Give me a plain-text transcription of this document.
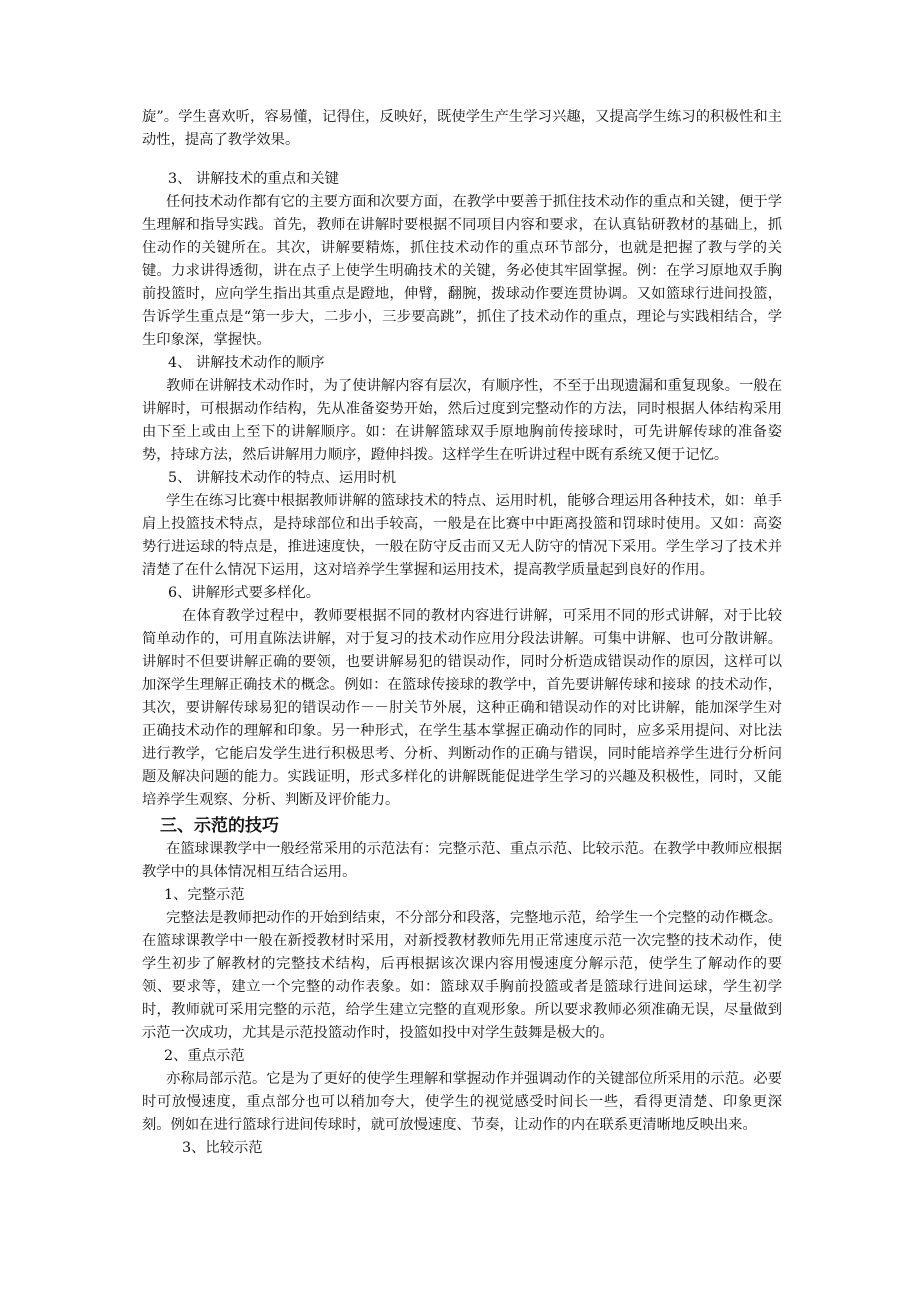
旋”。学生喜欢听，容易懂，记得住，反映好，既使学生产生学习兴趣，又提高学生练习的积极性和主动性，提高了教学效果。

3、 讲解技术的重点和关键

任何技术动作都有它的主要方面和次要方面，在教学中要善于抓住技术动作的重点和关键，便于学生理解和指导实践。首先，教师在讲解时要根据不同项目内容和要求，在认真钻研教材的基础上，抓住动作的关键所在。其次，讲解要精炼，抓住技术动作的重点环节部分，也就是把握了教与学的关键。力求讲得透彻，讲在点子上使学生明确技术的关键，务必使其牢固掌握。例：在学习原地双手胸前投篮时，应向学生指出其重点是蹬地，伸臂，翻腕，拨球动作要连贯协调。又如篮球行进间投篮，告诉学生重点是“第一步大，二步小，三步要高跳”，抓住了技术动作的重点，理论与实践相结合，学生印象深，掌握快。

4、 讲解技术动作的顺序

教师在讲解技术动作时，为了使讲解内容有层次，有顺序性，不至于出现遗漏和重复现象。一般在讲解时，可根据动作结构，先从准备姿势开始，然后过度到完整动作的方法，同时根据人体结构采用由下至上或由上至下的讲解顺序。如：在讲解篮球双手原地胸前传接球时，可先讲解传球的准备姿势，持球方法，然后讲解用力顺序，蹬伸抖拨。这样学生在听讲过程中既有系统又便于记忆。

5、 讲解技术动作的特点、运用时机

学生在练习比赛中根据教师讲解的篮球技术的特点、运用时机，能够合理运用各种技术，如：单手肩上投篮技术特点，是持球部位和出手较高，一般是在比赛中中距离投篮和罚球时使用。又如：高姿势行进运球的特点是，推进速度快，一般在防守反击而又无人防守的情况下采用。学生学习了技术并清楚了在什么情况下运用，这对培养学生掌握和运用技术，提高教学质量起到良好的作用。

6、讲解形式要多样化。

在体育教学过程中，教师要根据不同的教材内容进行讲解，可采用不同的形式讲解，对于比较简单动作的，可用直陈法讲解，对于复习的技术动作应用分段法讲解。可集中讲解、也可分散讲解。讲解时不但要讲解正确的要领，也要讲解易犯的错误动作，同时分析造成错误动作的原因，这样可以加深学生理解正确技术的概念。例如：在篮球传接球的教学中，首先要讲解传球和接球 的技术动作，其次，要讲解传球易犯的错误动作－－肘关节外展，这种正确和错误动作的对比讲解，能加深学生对正确技术动作的理解和印象。另一种形式，在学生基本掌握正确动作的同时，应多采用提问、对比法进行教学，它能启发学生进行积极思考、分析、判断动作的正确与错误，同时能培养学生进行分析问题及解决问题的能力。实践证明，形式多样化的讲解既能促进学生学习的兴趣及积极性，同时，又能培养学生观察、分析、判断及评价能力。

三、示范的技巧

在篮球课教学中一般经常采用的示范法有：完整示范、重点示范、比较示范。在教学中教师应根据教学中的具体情况相互结合运用。

1、完整示范

完整法是教师把动作的开始到结束，不分部分和段落，完整地示范，给学生一个完整的动作概念。在篮球课教学中一般在新授教材时采用，对新授教材教师先用正常速度示范一次完整的技术动作，使学生初步了解教材的完整技术结构，后再根据该次课内容用慢速度分解示范，使学生了解动作的要领、要求等，建立一个完整的动作表象。如：篮球双手胸前投篮或者是篮球行进间运球，学生初学时，教师就可采用完整的示范，给学生建立完整的直观形象。所以要求教师必须准确无误，尽量做到示范一次成功，尤其是示范投篮动作时，投篮如投中对学生鼓舞是极大的。

2、重点示范

亦称局部示范。它是为了更好的使学生理解和掌握动作并强调动作的关键部位所采用的示范。必要时可放慢速度，重点部分也可以稍加夸大，使学生的视觉感受时间长一些，看得更清楚、印象更深刻。例如在进行篮球行进间传球时，就可放慢速度、节奏，让动作的内在联系更清晰地反映出来。

3、比较示范
